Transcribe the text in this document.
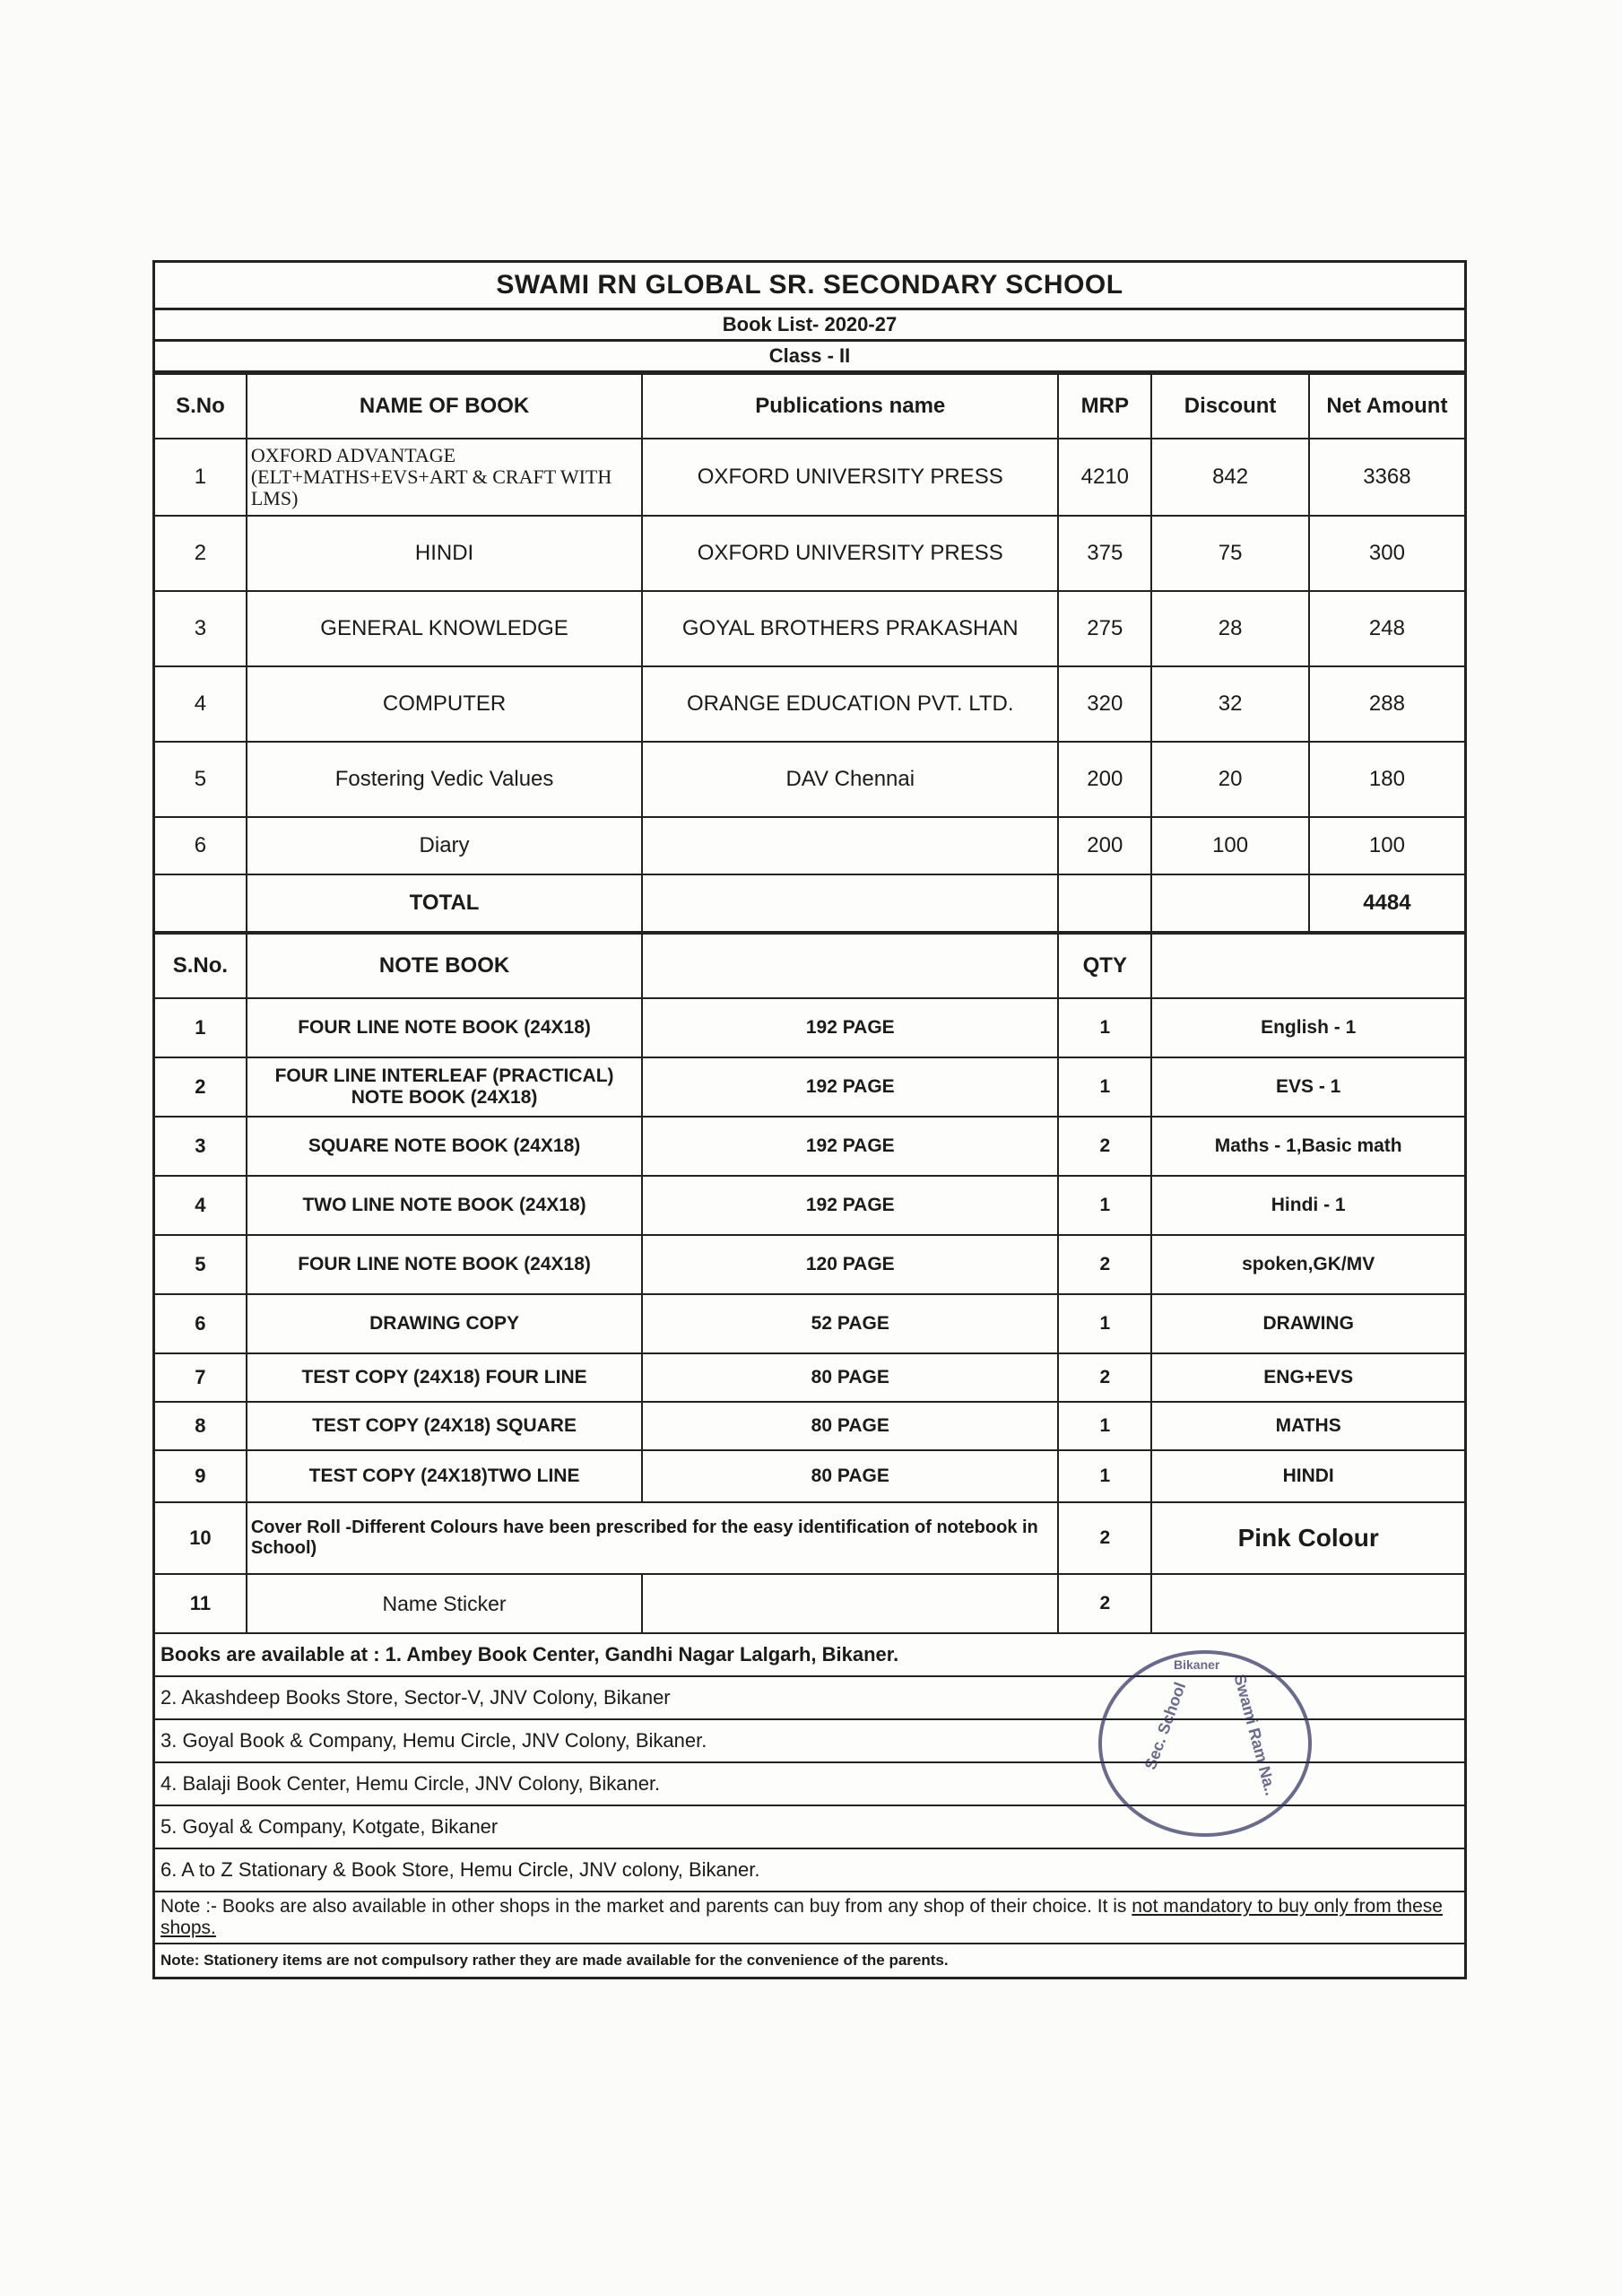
SWAMI RN GLOBAL SR. SECONDARY SCHOOL
Book List- 2020-27
Class - II
S.No	NAME OF BOOK	Publications name	MRP	Discount	Net Amount
1	OXFORD ADVANTAGE (ELT+MATHS+EVS+ART & CRAFT WITH LMS)	OXFORD UNIVERSITY PRESS	4210	842	3368
2	HINDI	OXFORD UNIVERSITY PRESS	375	75	300
3	GENERAL KNOWLEDGE	GOYAL BROTHERS PRAKASHAN	275	28	248
4	COMPUTER	ORANGE EDUCATION PVT. LTD.	320	32	288
5	Fostering Vedic Values	DAV Chennai	200	20	180
6	Diary		200	100	100
	TOTAL				4484
S.No.	NOTE BOOK		QTY	
1	FOUR LINE NOTE BOOK (24X18)	192 PAGE	1	English - 1
2	FOUR LINE INTERLEAF (PRACTICAL) NOTE BOOK (24X18)	192 PAGE	1	EVS - 1
3	SQUARE NOTE BOOK (24X18)	192 PAGE	2	Maths - 1,Basic math
4	TWO LINE NOTE BOOK (24X18)	192 PAGE	1	Hindi - 1
5	FOUR LINE NOTE BOOK (24X18)	120 PAGE	2	spoken,GK/MV
6	DRAWING COPY	52 PAGE	1	DRAWING
7	TEST COPY (24X18) FOUR LINE	80 PAGE	2	ENG+EVS
8	TEST COPY (24X18) SQUARE	80 PAGE	1	MATHS
9	TEST COPY (24X18)TWO LINE	80 PAGE	1	HINDI
10	Cover Roll -Different Colours have been prescribed for the easy identification of notebook in School)		2	Pink Colour
11	Name Sticker		2	
Books are available at : 1. Ambey Book Center, Gandhi Nagar Lalgarh, Bikaner.
2. Akashdeep Books Store, Sector-V, JNV Colony, Bikaner
3. Goyal Book & Company, Hemu Circle, JNV Colony, Bikaner.
4. Balaji Book Center, Hemu Circle, JNV Colony, Bikaner.
5. Goyal & Company, Kotgate, Bikaner
6. A to Z Stationary & Book Store, Hemu Circle, JNV colony, Bikaner.
Note :- Books are also available in other shops in the market and parents can buy from any shop of their choice. It is not mandatory to buy only from these shops.
Note: Stationery items are not compulsory rather they are made available for the convenience of the parents.
Sec. School
Bikaner
Swami Ram Na..
